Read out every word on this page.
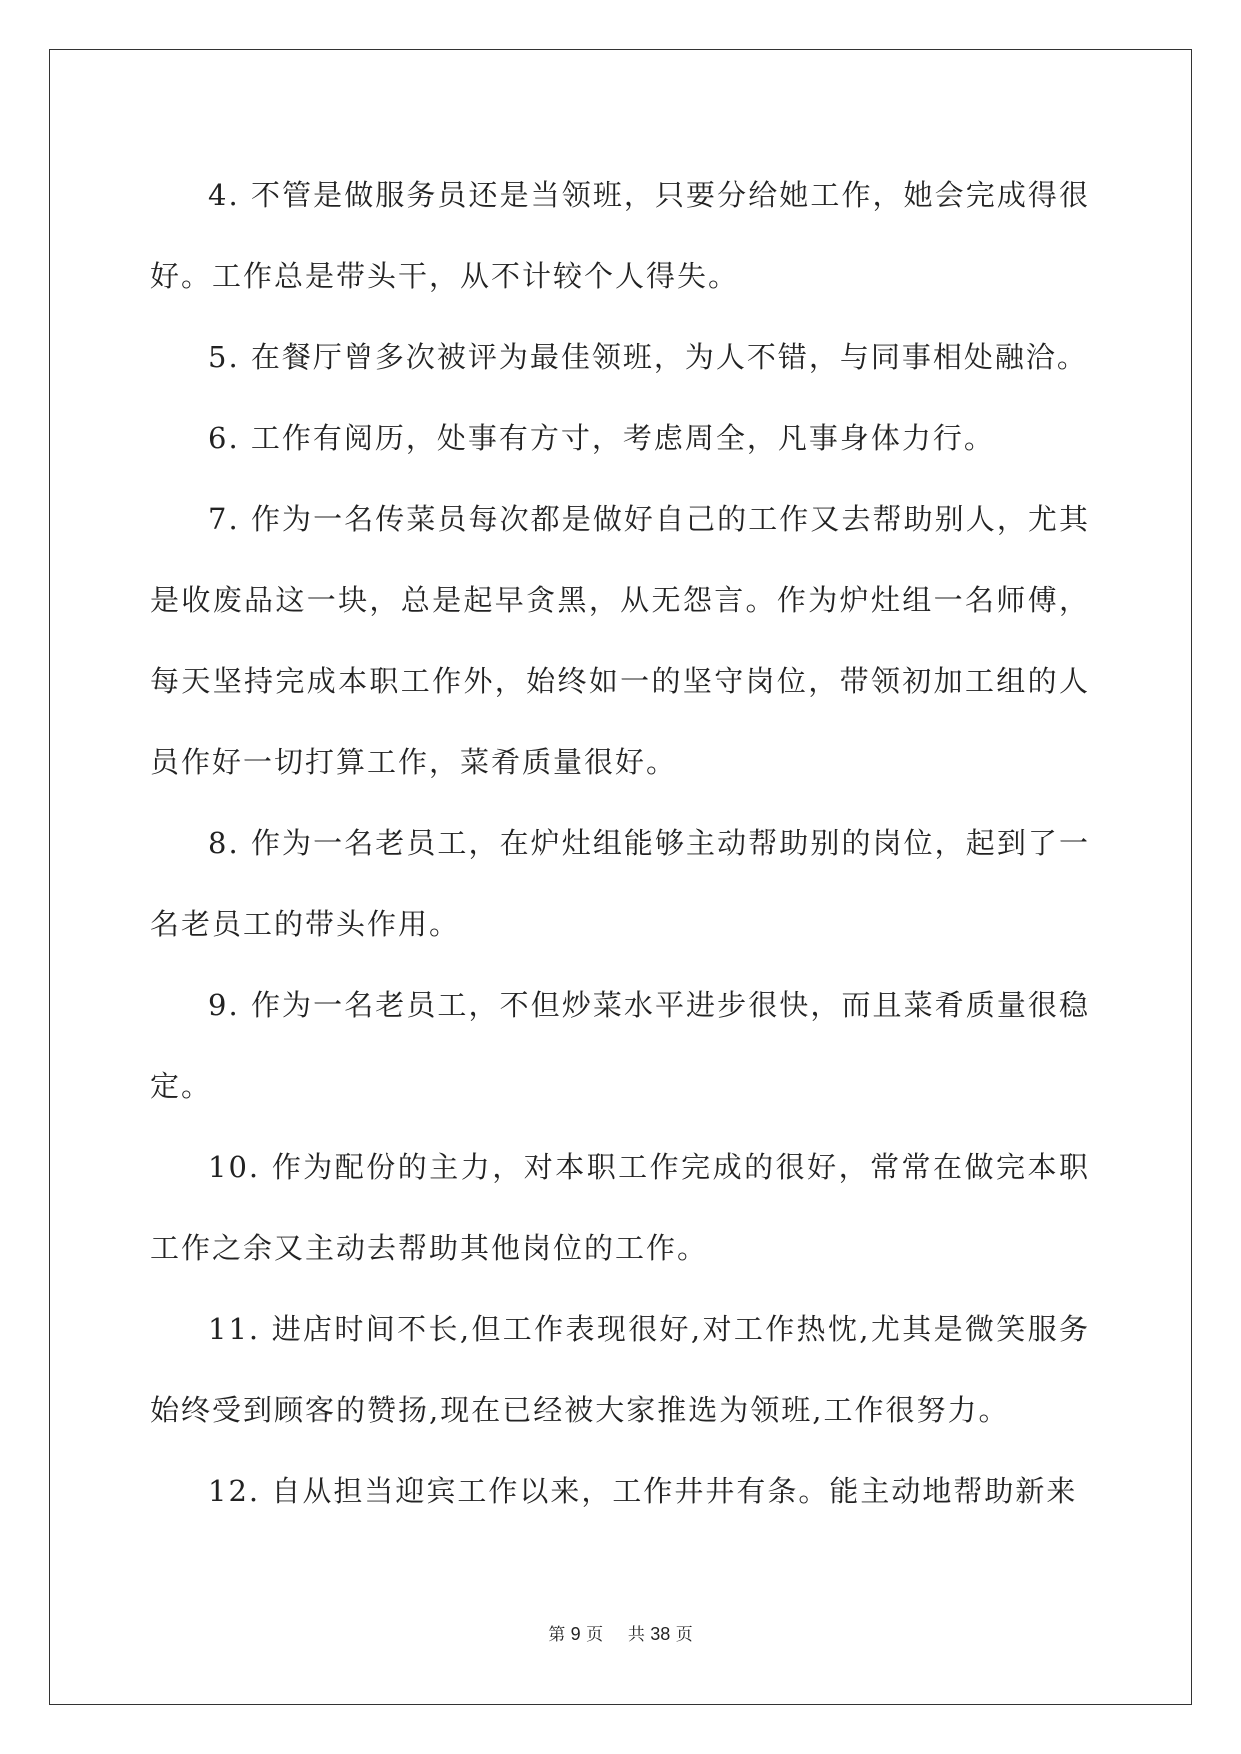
4. 不管是做服务员还是当领班，只要分给她工作，她会完成得很好。工作总是带头干，从不计较个人得失。

5. 在餐厅曾多次被评为最佳领班，为人不错，与同事相处融洽。

6. 工作有阅历，处事有方寸，考虑周全，凡事身体力行。

7. 作为一名传菜员每次都是做好自己的工作又去帮助别人，尤其是收废品这一块，总是起早贪黑，从无怨言。作为炉灶组一名师傅，每天坚持完成本职工作外，始终如一的坚守岗位，带领初加工组的人员作好一切打算工作，菜肴质量很好。

8. 作为一名老员工，在炉灶组能够主动帮助别的岗位，起到了一名老员工的带头作用。

9. 作为一名老员工，不但炒菜水平进步很快，而且菜肴质量很稳定。

10. 作为配份的主力，对本职工作完成的很好，常常在做完本职工作之余又主动去帮助其他岗位的工作。

11. 进店时间不长,但工作表现很好,对工作热忱,尤其是微笑服务始终受到顾客的赞扬,现在已经被大家推选为领班,工作很努力。

12. 自从担当迎宾工作以来，工作井井有条。能主动地帮助新来

第 9 页 共 38 页
